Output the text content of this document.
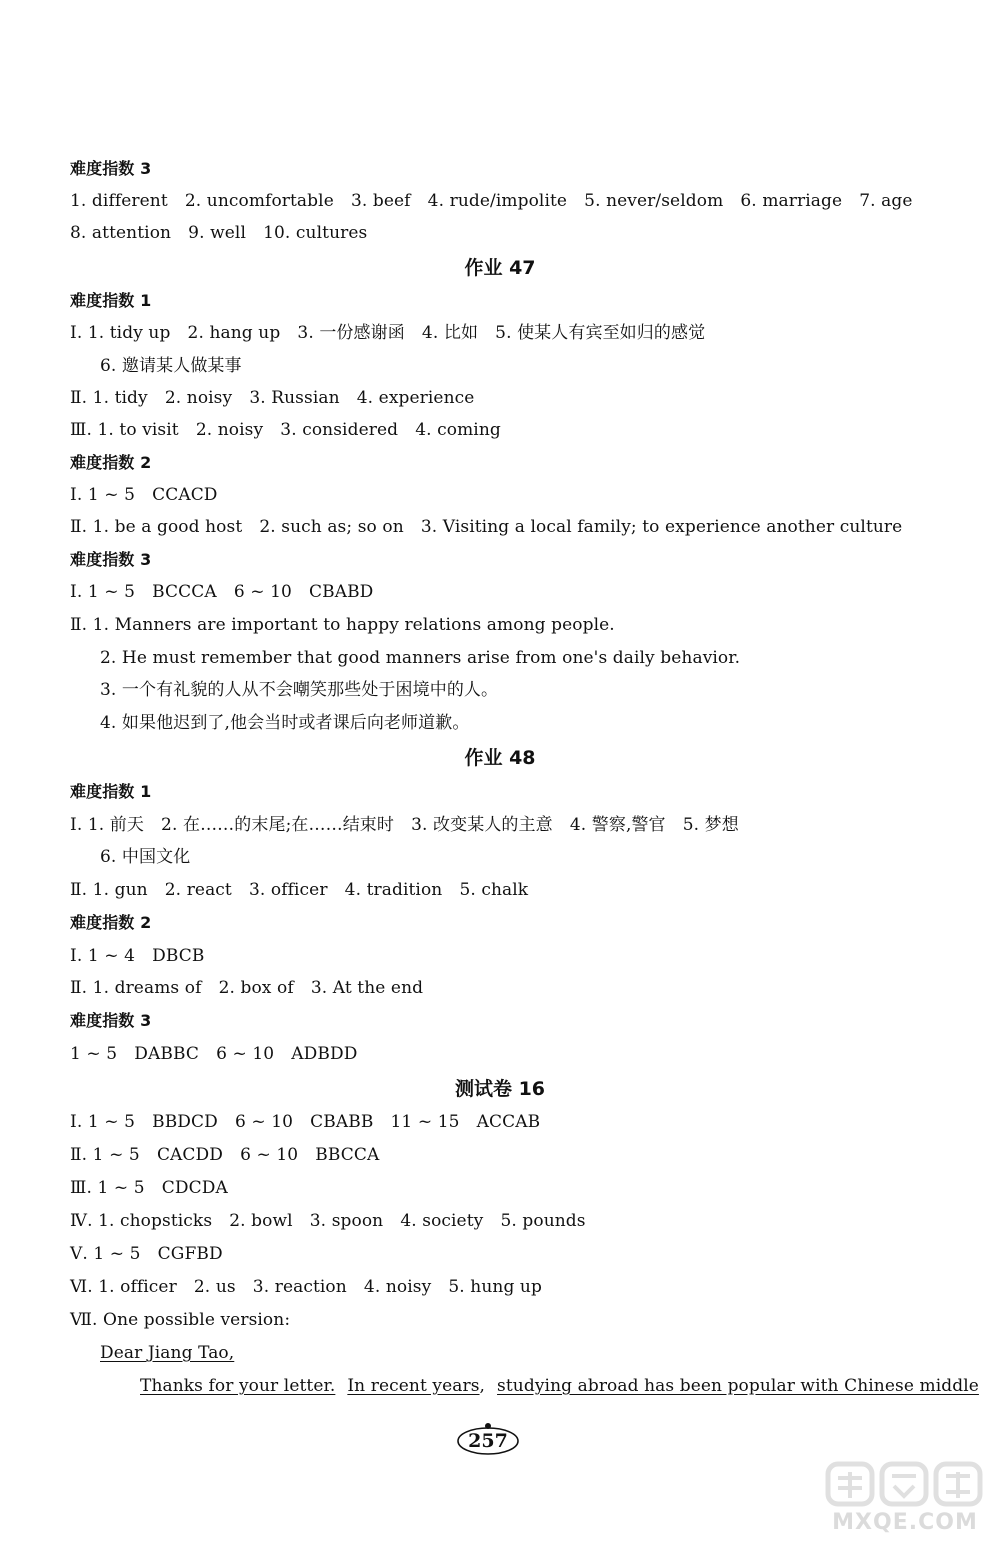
难度指数 3
1. different　2. uncomfortable　3. beef　4. rude/impolite　5. never/seldom　6. marriage　7. age
8. attention　9. well　10. cultures
作业 47
难度指数 1
Ⅰ. 1. tidy up　2. hang up　3. 一份感谢函　4. 比如　5. 使某人有宾至如归的感觉
6. 邀请某人做某事
Ⅱ. 1. tidy　2. noisy　3. Russian　4. experience
Ⅲ. 1. to visit　2. noisy　3. considered　4. coming
难度指数 2
Ⅰ. 1 ~ 5　CCACD
Ⅱ. 1. be a good host　2. such as; so on　3. Visiting a local family; to experience another culture
难度指数 3
Ⅰ. 1 ~ 5　BCCCA　6 ~ 10　CBABD
Ⅱ. 1. Manners are important to happy relations among people.
2. He must remember that good manners arise from one's daily behavior.
3. 一个有礼貌的人从不会嘲笑那些处于困境中的人。
4. 如果他迟到了,他会当时或者课后向老师道歉。
作业 48
难度指数 1
Ⅰ. 1. 前天　2. 在……的末尾;在……结束时　3. 改变某人的主意　4. 警察,警官　5. 梦想
6. 中国文化
Ⅱ. 1. gun　2. react　3. officer　4. tradition　5. chalk
难度指数 2
Ⅰ. 1 ~ 4　DBCB
Ⅱ. 1. dreams of　2. box of　3. At the end
难度指数 3
1 ~ 5　DABBC　6 ~ 10　ADBDD
测试卷 16
Ⅰ. 1 ~ 5　BBDCD　6 ~ 10　CBABB　11 ~ 15　ACCAB
Ⅱ. 1 ~ 5　CACDD　6 ~ 10　BBCCA
Ⅲ. 1 ~ 5　CDCDA
Ⅳ. 1. chopsticks　2. bowl　3. spoon　4. society　5. pounds
Ⅴ. 1 ~ 5　CGFBD
Ⅵ. 1. officer　2. us　3. reaction　4. noisy　5. hung up
Ⅶ. One possible version:
Dear Jiang Tao,
Thanks for your letter. In recent years, studying abroad has been popular with Chinese middle
257
MXQE.COM
